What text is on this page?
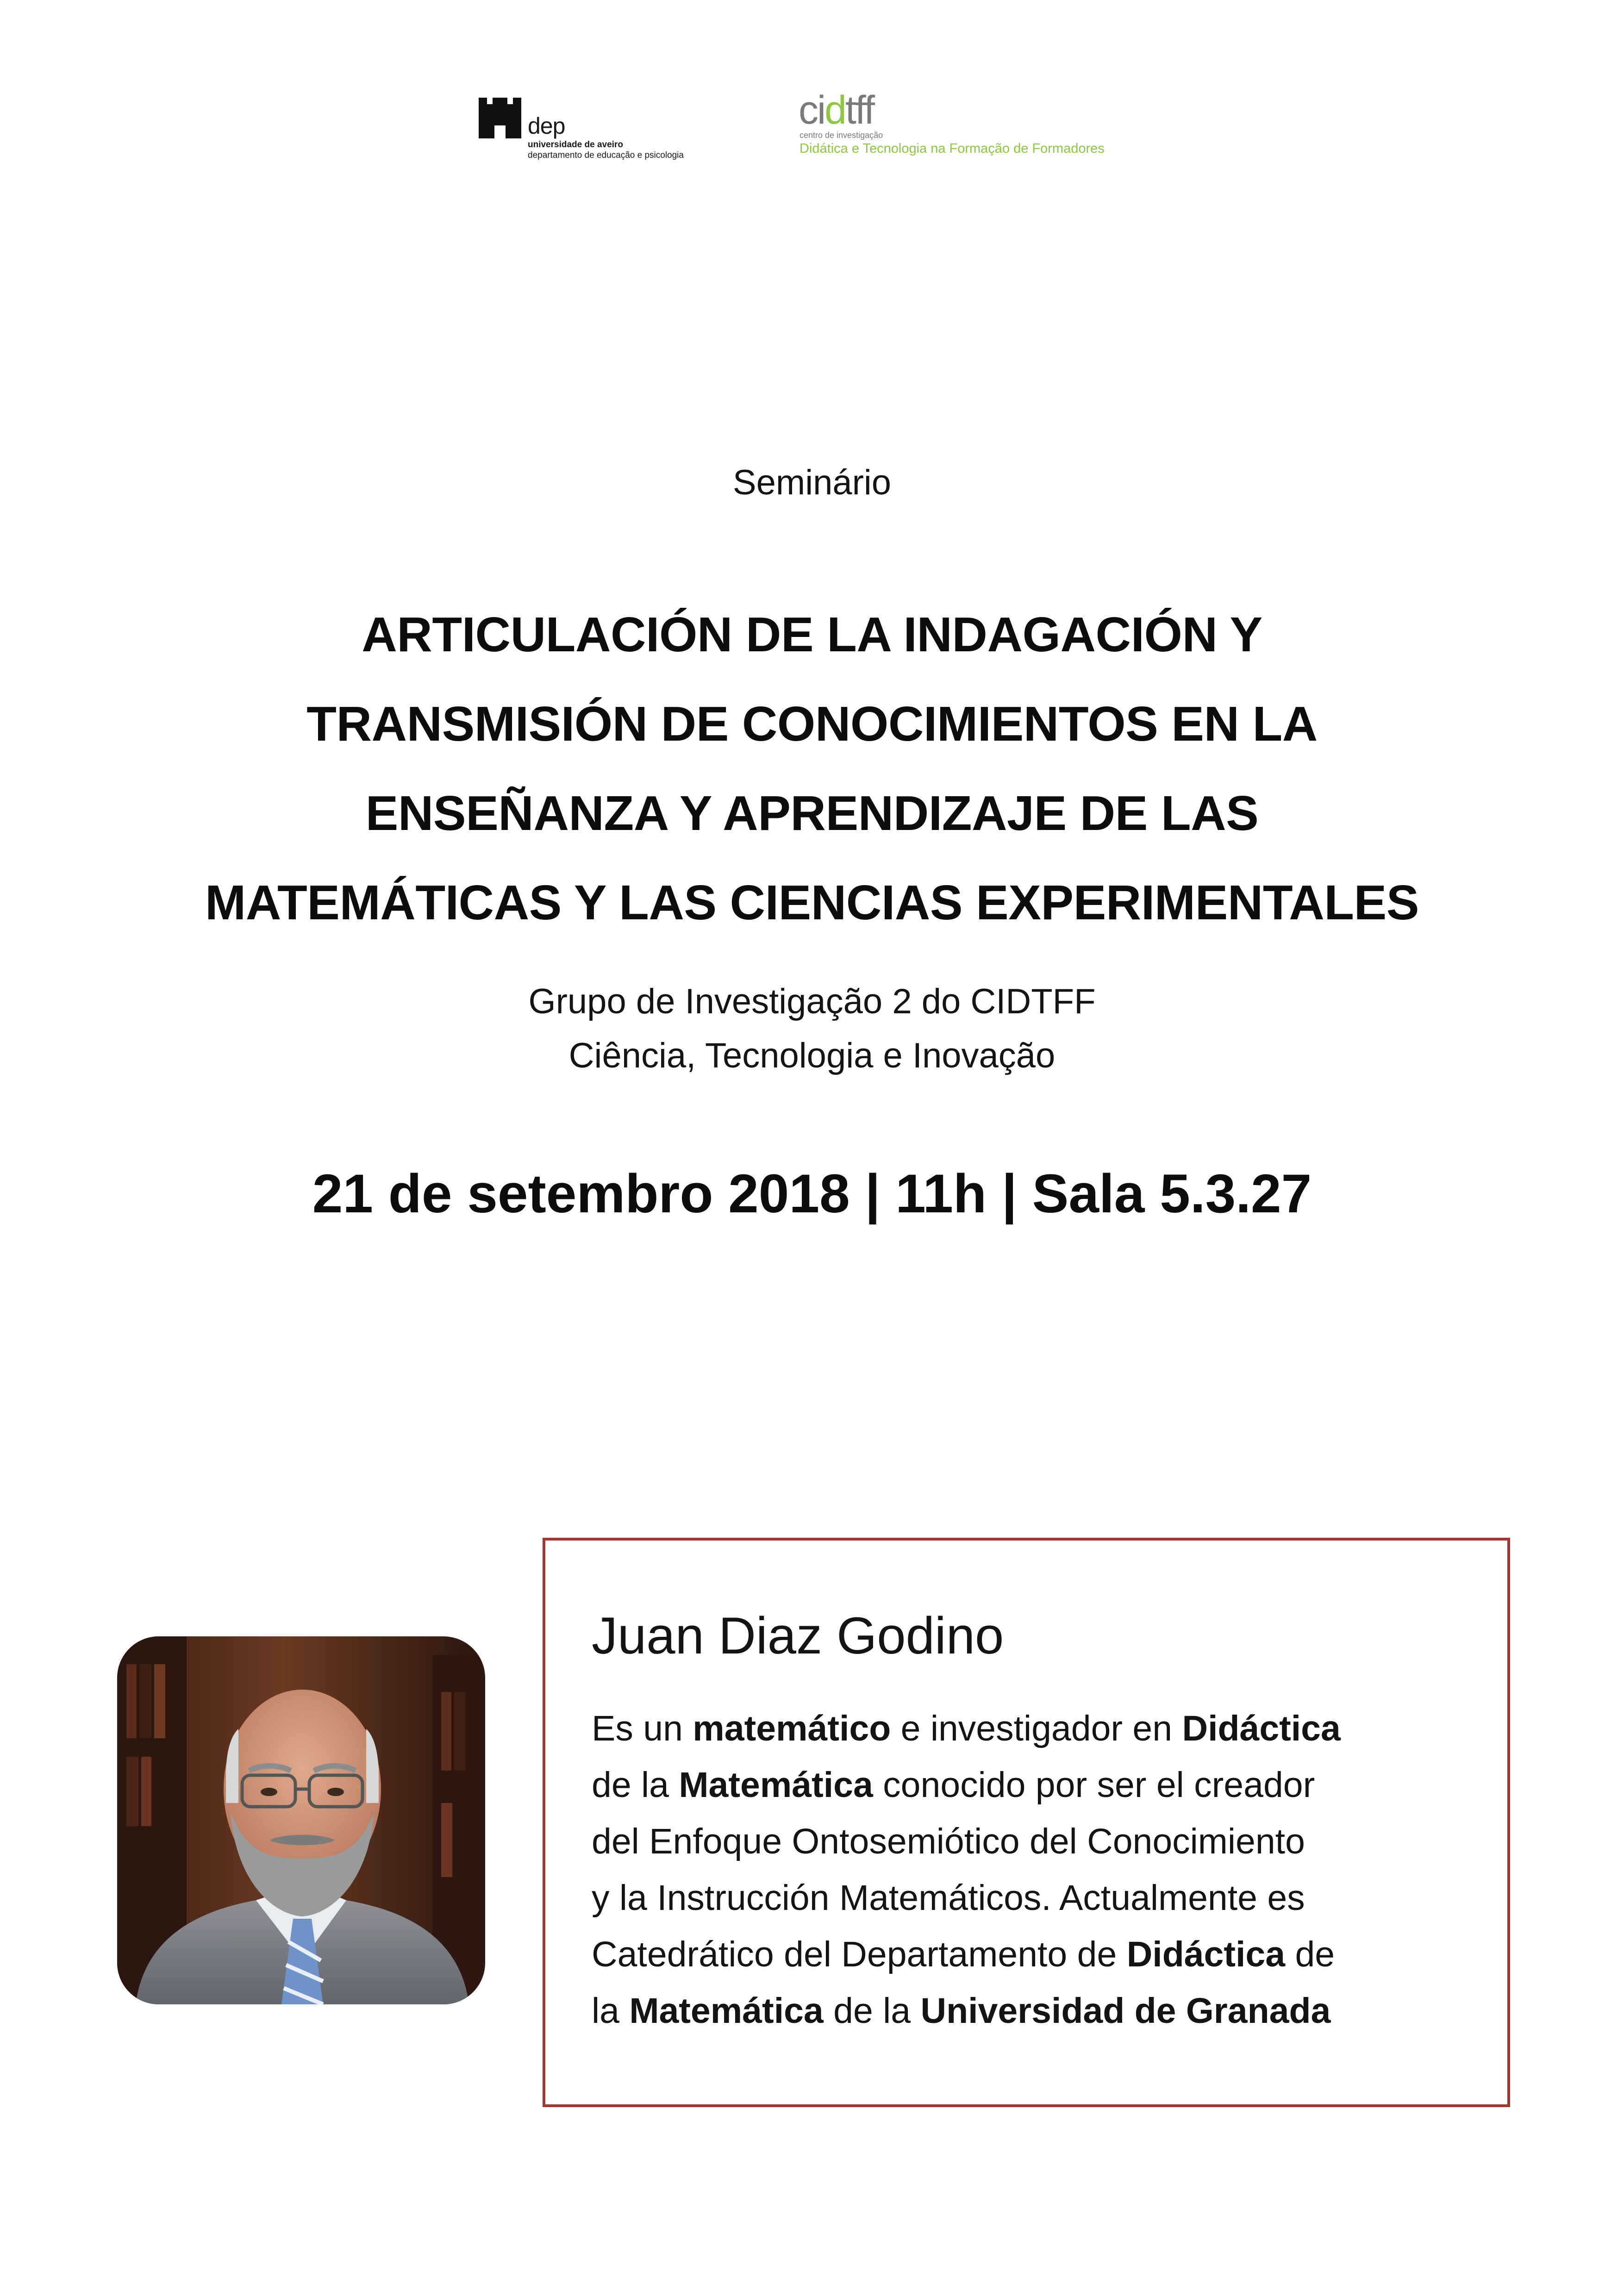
dep
universidade de aveiro
departamento de educação e psicologia
cidtff
centro de investigação
Didática e Tecnologia na Formação de Formadores
Seminário
ARTICULACIÓN DE LA INDAGACIÓN Y
TRANSMISIÓN DE CONOCIMIENTOS EN LA
ENSEÑANZA Y APRENDIZAJE DE LAS
MATEMÁTICAS Y LAS CIENCIAS EXPERIMENTALES
Grupo de Investigação 2 do CIDTFF
Ciência, Tecnologia e Inovação
21 de setembro 2018 | 11h | Sala 5.3.27
Juan Diaz Godino
Es un matemático e investigador en Didáctica
de la Matemática conocido por ser el creador
del Enfoque Ontosemiótico del Conocimiento
y la Instrucción Matemáticos. Actualmente es
Catedrático del Departamento de Didáctica de
la Matemática de la Universidad de Granada
